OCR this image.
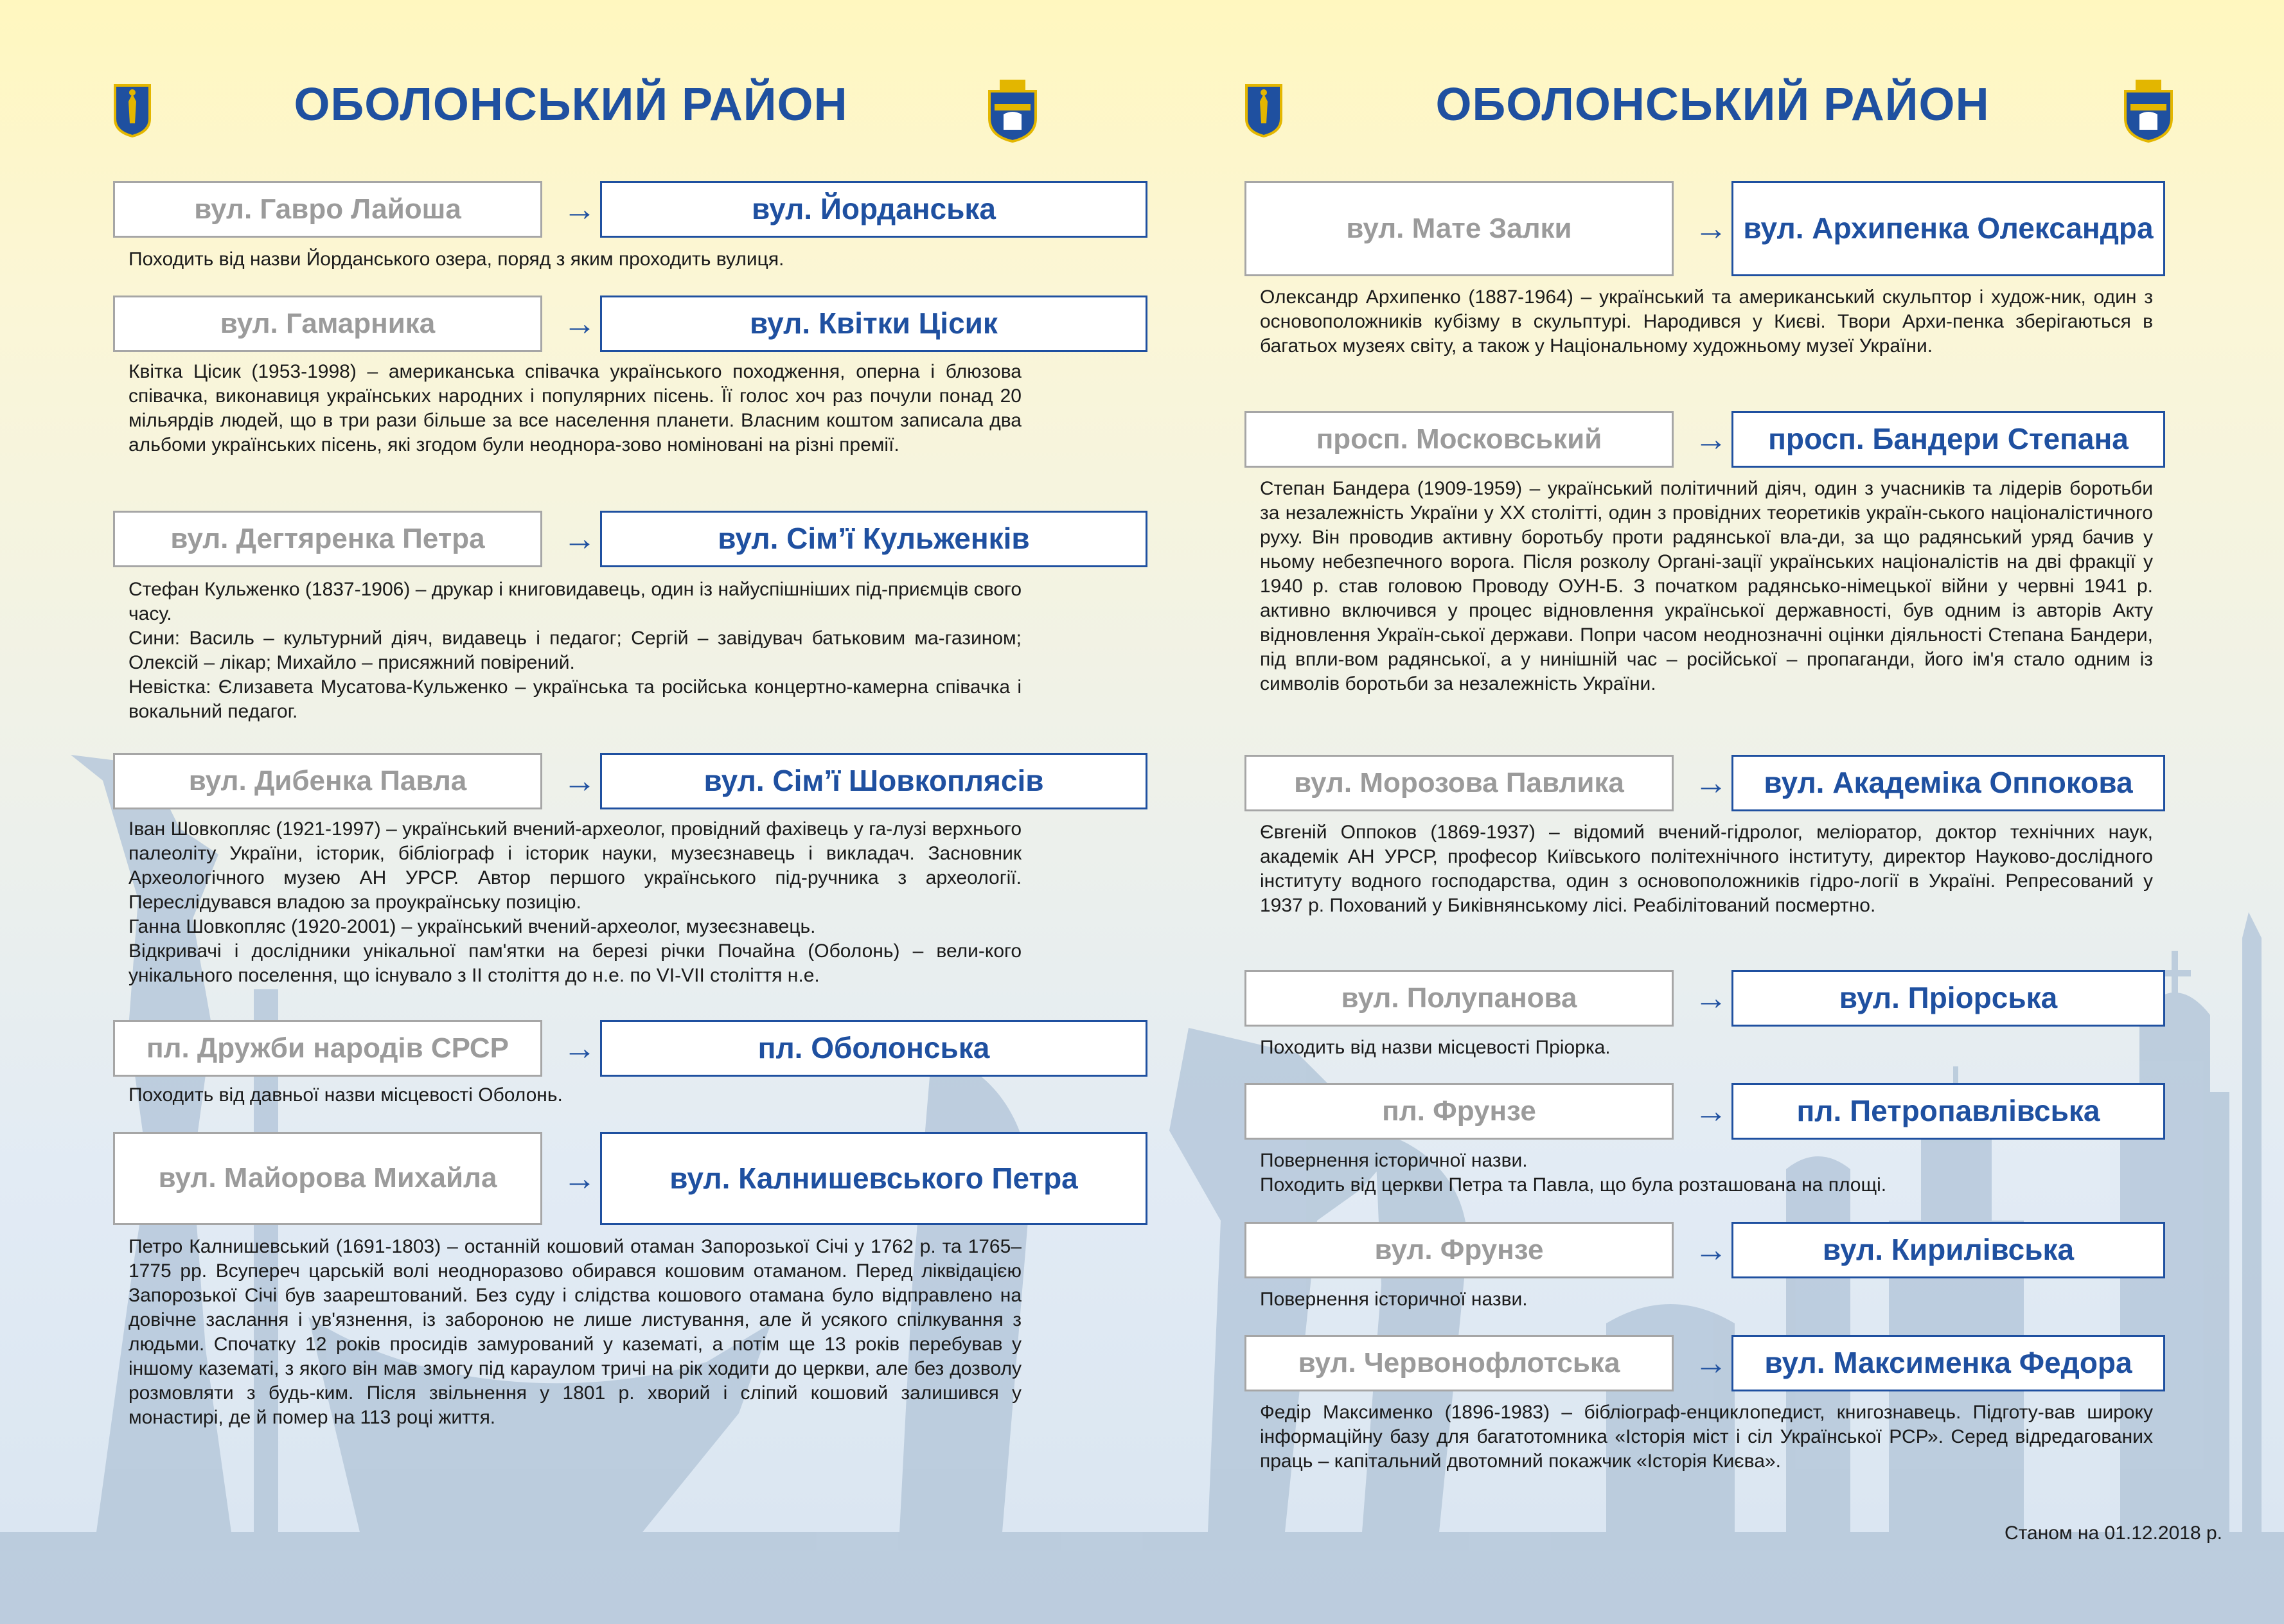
ОБОЛОНСЬКИЙ РАЙОН
вул. Гавро Лайоша	→	вул. Йорданська

Походить від назви Йорданського озера, поряд з яким проходить вулиця.

вул. Гамарника	→	вул. Квітки Цісик

Квітка Цісик (1953-1998) – американська співачка українського походження, оперна і блюзова співачка, виконавиця українських народних і популярних пісень. Її голос хоч раз почули понад 20 мільярдів людей, що в три рази більше за все населення планети. Власним коштом записала два альбоми українських пісень, які згодом були неоднора-зово номіновані на різні премії.

вул. Дегтяренка Петра	→	вул. Сім’ї Кульженків

Стефан Кульженко (1837-1906) – друкар і книговидавець, один із найуспішніших під-приємців свого часу.
Сини: Василь – культурний діяч, видавець і педагог; Сергій – завідувач батьковим ма-газином; Олексій – лікар; Михайло – присяжний повірений.
Невістка: Єлизавета Мусатова-Кульженко – українська та російська концертно-камерна співачка і вокальний педагог.

вул. Дибенка Павла	→	вул. Сім’ї Шовкоплясів

Іван Шовкопляс (1921-1997) – український вчений-археолог, провідний фахівець у га-лузі верхнього палеоліту України, історик, бібліограф і історик науки, музеєзнавець і викладач. Засновник Археологічного музею АН УРСР. Автор першого українського під-ручника з археології. Переслідувався владою за проукраїнську позицію.
Ганна Шовкопляс (1920-2001) – український вчений-археолог, музеєзнавець.
Відкривачі і дослідники унікальної пам'ятки на березі річки Почайна (Оболонь) – вели-кого унікального поселення, що існувало з ІІ століття до н.е. по VI-VII століття н.е.

пл. Дружби народів СРСР	→	пл. Оболонська

Походить від давньої назви місцевості Оболонь.

вул. Майорова Михайла	→	вул. Калнишевського Петра

Петро Калнишевський (1691-1803) – останній кошовий отаман Запорозької Січі у 1762 р. та 1765–1775 рр. Всупереч царській волі неодноразово обирався кошовим отаманом. Перед ліквідацією Запорозької Січі був заарештований. Без суду і слідства кошового отамана було відправлено на довічне заслання і ув'язнення, із забороною не лише листування, але й усякого спілкування з людьми. Спочатку 12 років просидів замурований у казематі, а потім ще 13 років перебував у іншому казематі, з якого він мав змогу під караулом тричі на рік ходити до церкви, але без дозволу розмовляти з будь-ким. Після звільнення у 1801 р. хворий і сліпий кошовий залишився у монастирі, де й помер на 113 році життя.

ОБОЛОНСЬКИЙ РАЙОН
вул. Мате Залки	→ вул. Архипенка Олександра

Олександр Архипенко (1887-1964) – український та американський скульптор і худож-ник, один з основоположників кубізму в скульптурі. Народився у Києві. Твори Архи-пенка зберігаються в багатьох музеях світу, а також у Національному художньому музеї України.

просп. Московський	→	просп. Бандери Степана

Степан Бандера (1909-1959) – український політичний діяч, один з учасників та лідерів боротьби за незалежність України у ХХ столітті, один з провідних теоретиків україн-ського націоналістичного руху. Він проводив активну боротьбу проти радянської вла-ди, за що радянський уряд бачив у ньому небезпечного ворога. Після розколу Органі-зації українських націоналістів на дві фракції у 1940 р. став головою Проводу ОУН-Б. З початком радянсько-німецької війни у червні 1941 р. активно включився у процес відновлення української державності, був одним із авторів Акту відновлення Україн-ської держави. Попри часом неоднозначні оцінки діяльності Степана Бандери, під впли-вом радянської, а у нинішній час – російської – пропаганди, його ім'я стало одним із символів боротьби за незалежність України.

вул. Морозова Павлика	→	вул. Академіка Оппокова

Євгеній Оппоков (1869-1937) – відомий вчений-гідролог, меліоратор, доктор технічних наук, академік АН УРСР, професор Київського політехнічного інституту, директор Науково-дослідного інституту водного господарства, один з основоположників гідро-логії в Україні. Репресований у 1937 р. Похований у Биківнянському лісі. Реабілітований посмертно.

вул. Полупанова	→	вул. Пріорська

Походить від назви місцевості Пріорка.

пл. Фрунзе	→	пл. Петропавлівська

Повернення історичної назви.
Походить від церкви Петра та Павла, що була розташована на площі.

вул. Фрунзе	→	вул. Кирилівська

Повернення історичної назви.

вул. Червонофлотська	→	вул. Максименка Федора

Федір Максименко (1896-1983) – бібліограф-енциклопедист, книгознавець. Підготу-вав широку інформаційну базу для багатотомника «Історія міст і сіл Української РСР». Серед відредагованих праць – капітальний двотомний покажчик «Історія Києва».

Станом на 01.12.2018 р.
